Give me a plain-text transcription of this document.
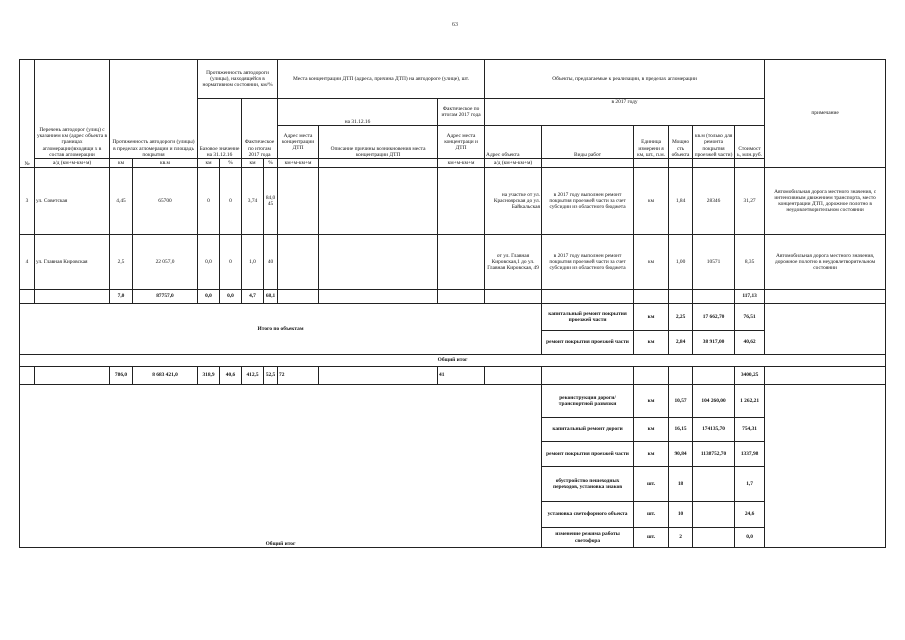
63
№	Перечень автодорог (улиц) с указанием км (адрес объекта в границах агломерации)входящи х в состав агломерации	Протяженность автодороги (улицы) в пределах агломерации и площадь покрытия		Протяженность автодороги (улицы), находящейся в нормативном состоянии, км/%				Места концентрации ДТП (адреса, причина ДТП) на автодороге (улице), шт.			Объекты, предлагаемые к реализации, в пределах агломерации						примечание
				Базовое значение на 31.12.16		Фактическое по итогам 2017 года		на 31.12.16		Фактическое по итогам 2017 года	в 2017 году						
								Адрес места концентрации ДТП	Описание причины возникновения места концентрации ДТП	Адрес места концентраци и ДТП	Адрес объекта	Виды работ	Единица измерени я км, шт., п.м.	Мощно сть объекта	кв.м (только для ремонта покрытия проезжей части)	Стоимост ь, млн.руб.	
	а/д (км+м-км+м)	км	кв.м	км	%	км	%	км+м-км+м		км+м-км+м	а/д (км+м-км+м)						
3	ул. Советская	4,45	65700	0	0	3,74	84,045				на участке от ул. Красноярская до ул. Байкальская	в 2017 году выполнен ремонт покрытия проезжей части за счет субсидии из областного бюджета	км	1,84	28346	31,27	Автомобильная дорога местного значения, с интенсивным движением транспорта, место концентрации ДТП, дорожное полотно в неудовлетворительном состоянии
4	ул. Главная Кировская	2,5	22 057,0	0,0	0	1,0	40				от ул. Главная Кировская,1 до ул. Главная Кировская, 49	в 2017 году выполнен ремонт покрытия проезжей части за счет субсидии из областного бюджета	км	1,00	10571	8,35	Автомобильная дорога местного значения, дорожное полотно в неудовлетворительном состоянии
		7,0	87757,0	0,0	0,0	4,7	68,1									117,13	
Итого по объектам												капитальный ремонт покрытия проезжей части	км	2,25	17 662,70	76,51	
												ремонт покрытия проезжей части	км	2,84	38 917,00	40,62	
Общий итог																	
		786,0	8 683 421,0	318,9	40,6	412,5	52,5	72		41						3400,25	
Общий итог												реконструкция дороги/транспортной развязки	км	10,57	104 260,00	1 262,21	
												капитальный ремонт дороги	км	16,15	174135,70	754,31	
												ремонт покрытия проезжей части	км	90,84	1138752,70	1337,98	
												обустройство пешеходных переходов, установка знаков	шт.	18		1,7	
												установка светофорного объекта	шт.	10		24,6	
												изменение режима работы светофора	шт.	2		0,0	
